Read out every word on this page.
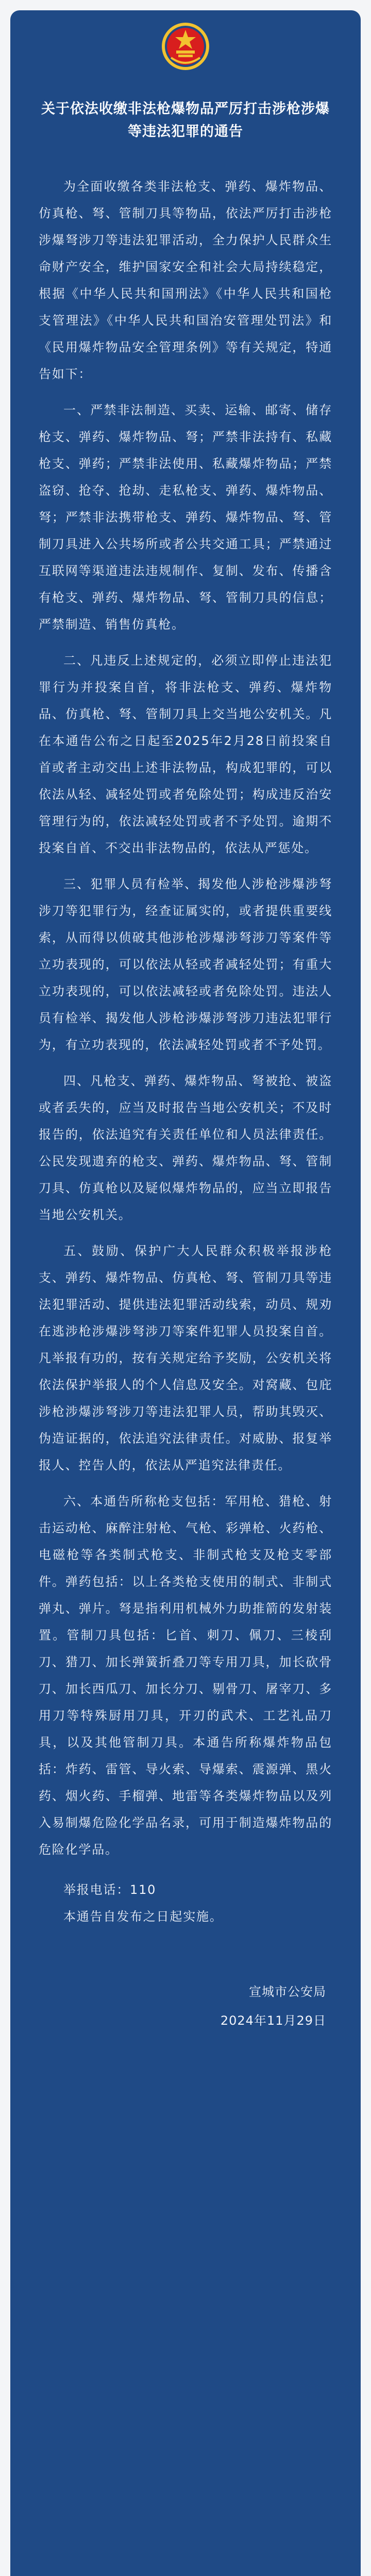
关于依法收缴非法枪爆物品严厉打击涉枪涉爆等违法犯罪的通告

为全面收缴各类非法枪支、弹药、爆炸物品、仿真枪、弩、管制刀具等物品，依法严厉打击涉枪涉爆弩涉刀等违法犯罪活动，全力保护人民群众生命财产安全，维护国家安全和社会大局持续稳定，根据《中华人民共和国刑法》《中华人民共和国枪支管理法》《中华人民共和国治安管理处罚法》和《民用爆炸物品安全管理条例》等有关规定，特通告如下：

一、严禁非法制造、买卖、运输、邮寄、储存枪支、弹药、爆炸物品、弩；严禁非法持有、私藏枪支、弹药；严禁非法使用、私藏爆炸物品；严禁盗窃、抢夺、抢劫、走私枪支、弹药、爆炸物品、弩；严禁非法携带枪支、弹药、爆炸物品、弩、管制刀具进入公共场所或者公共交通工具；严禁通过互联网等渠道违法违规制作、复制、发布、传播含有枪支、弹药、爆炸物品、弩、管制刀具的信息；严禁制造、销售仿真枪。

二、凡违反上述规定的，必须立即停止违法犯罪行为并投案自首，将非法枪支、弹药、爆炸物品、仿真枪、弩、管制刀具上交当地公安机关。凡在本通告公布之日起至2025年2月28日前投案自首或者主动交出上述非法物品，构成犯罪的，可以依法从轻、减轻处罚或者免除处罚；构成违反治安管理行为的，依法减轻处罚或者不予处罚。逾期不投案自首、不交出非法物品的，依法从严惩处。

三、犯罪人员有检举、揭发他人涉枪涉爆涉弩涉刀等犯罪行为，经查证属实的，或者提供重要线索，从而得以侦破其他涉枪涉爆涉弩涉刀等案件等立功表现的，可以依法从轻或者减轻处罚；有重大立功表现的，可以依法减轻或者免除处罚。违法人员有检举、揭发他人涉枪涉爆涉弩涉刀违法犯罪行为，有立功表现的，依法减轻处罚或者不予处罚。

四、凡枪支、弹药、爆炸物品、弩被抢、被盗或者丢失的，应当及时报告当地公安机关；不及时报告的，依法追究有关责任单位和人员法律责任。公民发现遗弃的枪支、弹药、爆炸物品、弩、管制刀具、仿真枪以及疑似爆炸物品的，应当立即报告当地公安机关。

五、鼓励、保护广大人民群众积极举报涉枪支、弹药、爆炸物品、仿真枪、弩、管制刀具等违法犯罪活动、提供违法犯罪活动线索，动员、规劝在逃涉枪涉爆涉弩涉刀等案件犯罪人员投案自首。凡举报有功的，按有关规定给予奖励，公安机关将依法保护举报人的个人信息及安全。对窝藏、包庇涉枪涉爆涉弩涉刀等违法犯罪人员，帮助其毁灭、伪造证据的，依法追究法律责任。对威胁、报复举报人、控告人的，依法从严追究法律责任。

六、本通告所称枪支包括：军用枪、猎枪、射击运动枪、麻醉注射枪、气枪、彩弹枪、火药枪、电磁枪等各类制式枪支、非制式枪支及枪支零部件。弹药包括：以上各类枪支使用的制式、非制式弹丸、弹片。弩是指利用机械外力助推箭的发射装置。管制刀具包括：匕首、刺刀、佩刀、三棱刮刀、猎刀、加长弹簧折叠刀等专用刀具，加长砍骨刀、加长西瓜刀、加长分刀、剔骨刀、屠宰刀、多用刀等特殊厨用刀具，开刃的武术、工艺礼品刀具，以及其他管制刀具。本通告所称爆炸物品包括：炸药、雷管、导火索、导爆索、震源弹、黑火药、烟火药、手榴弹、地雷等各类爆炸物品以及列入易制爆危险化学品名录，可用于制造爆炸物品的危险化学品。

举报电话：110
本通告自发布之日起实施。
宣城市公安局
2024年11月29日
